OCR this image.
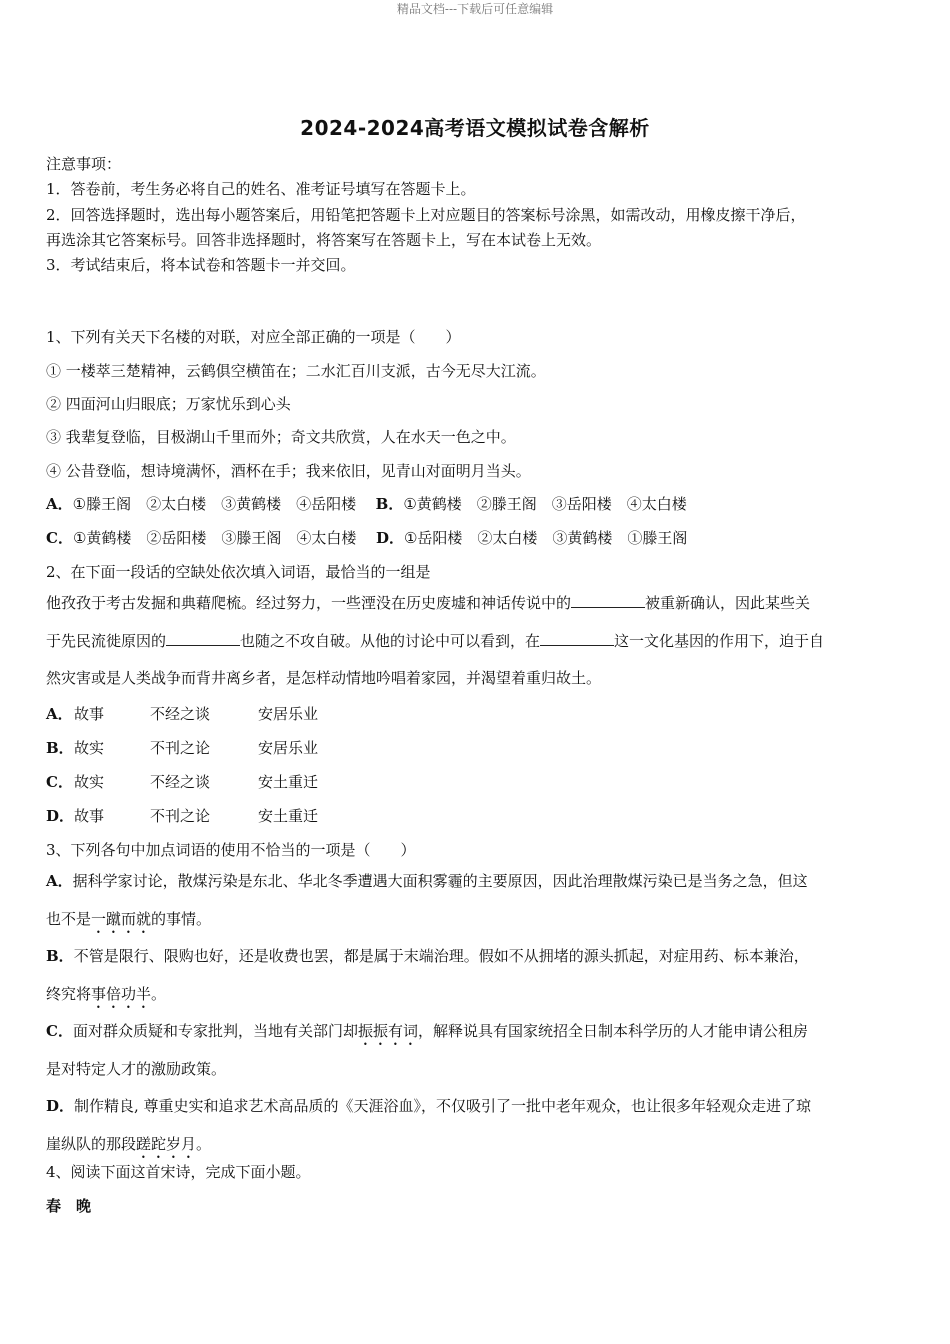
精品文档---下载后可任意编辑
2024-2024高考语文模拟试卷含解析
注意事项：
1．答卷前，考生务必将自己的姓名、准考证号填写在答题卡上。
2．回答选择题时，选出每小题答案后，用铅笔把答题卡上对应题目的答案标号涂黑，如需改动，用橡皮擦干净后，
再选涂其它答案标号。回答非选择题时，将答案写在答题卡上，写在本试卷上无效。
3．考试结束后，将本试卷和答题卡一并交回。
1、下列有关天下名楼的对联，对应全部正确的一项是（　　）
① 一楼萃三楚精神，云鹤俱空横笛在；二水汇百川支派，古今无尽大江流。
② 四面河山归眼底；万家忧乐到心头
③ 我辈复登临，目极湖山千里而外；奇文共欣赏，人在水天一色之中。
④ 公昔登临，想诗境满怀，酒杯在手；我来依旧，见青山对面明月当头。
A．①滕王阁　②太白楼　③黄鹤楼　④岳阳楼 B．①黄鹤楼　②滕王阁　③岳阳楼　④太白楼
C．①黄鹤楼　②岳阳楼　③滕王阁　④太白楼 D．①岳阳楼　②太白楼　③黄鹤楼　①滕王阁
2、在下面一段话的空缺处依次填入词语，最恰当的一组是
他孜孜于考古发掘和典藉爬梳。经过努力，一些湮没在历史废墟和神话传说中的	被重新确认，因此某些关
于先民流徙原因的	也随之不攻自破。从他的讨论中可以看到，在	这一文化基因的作用下，迫于自
然灾害或是人类战争而背井离乡者，是怎样动情地吟唱着家园，并渴望着重归故土。
A．故事	不经之谈	安居乐业
B．故实	不刊之论	安居乐业
C．故实	不经之谈	安土重迁
D．故事	不刊之论	安土重迁
3、下列各句中加点词语的使用不恰当的一项是（　　）
A．据科学家讨论，散煤污染是东北、华北冬季遭遇大面积雾霾的主要原因，因此治理散煤污染已是当务之急，但这
也不是一蹴而就的事情。
B．不管是限行、限购也好，还是收费也罢，都是属于末端治理。假如不从拥堵的源头抓起，对症用药、标本兼治，
终究将事倍功半。
C．面对群众质疑和专家批判，当地有关部门却振振有词，解释说具有国家统招全日制本科学历的人才能申请公租房
是对特定人才的激励政策。
D．制作精良, 尊重史实和追求艺术高品质的《天涯浴血》，不仅吸引了一批中老年观众，也让很多年轻观众走进了琼
崖纵队的那段蹉跎岁月。
4、阅读下面这首宋诗，完成下面小题。
春　晚
